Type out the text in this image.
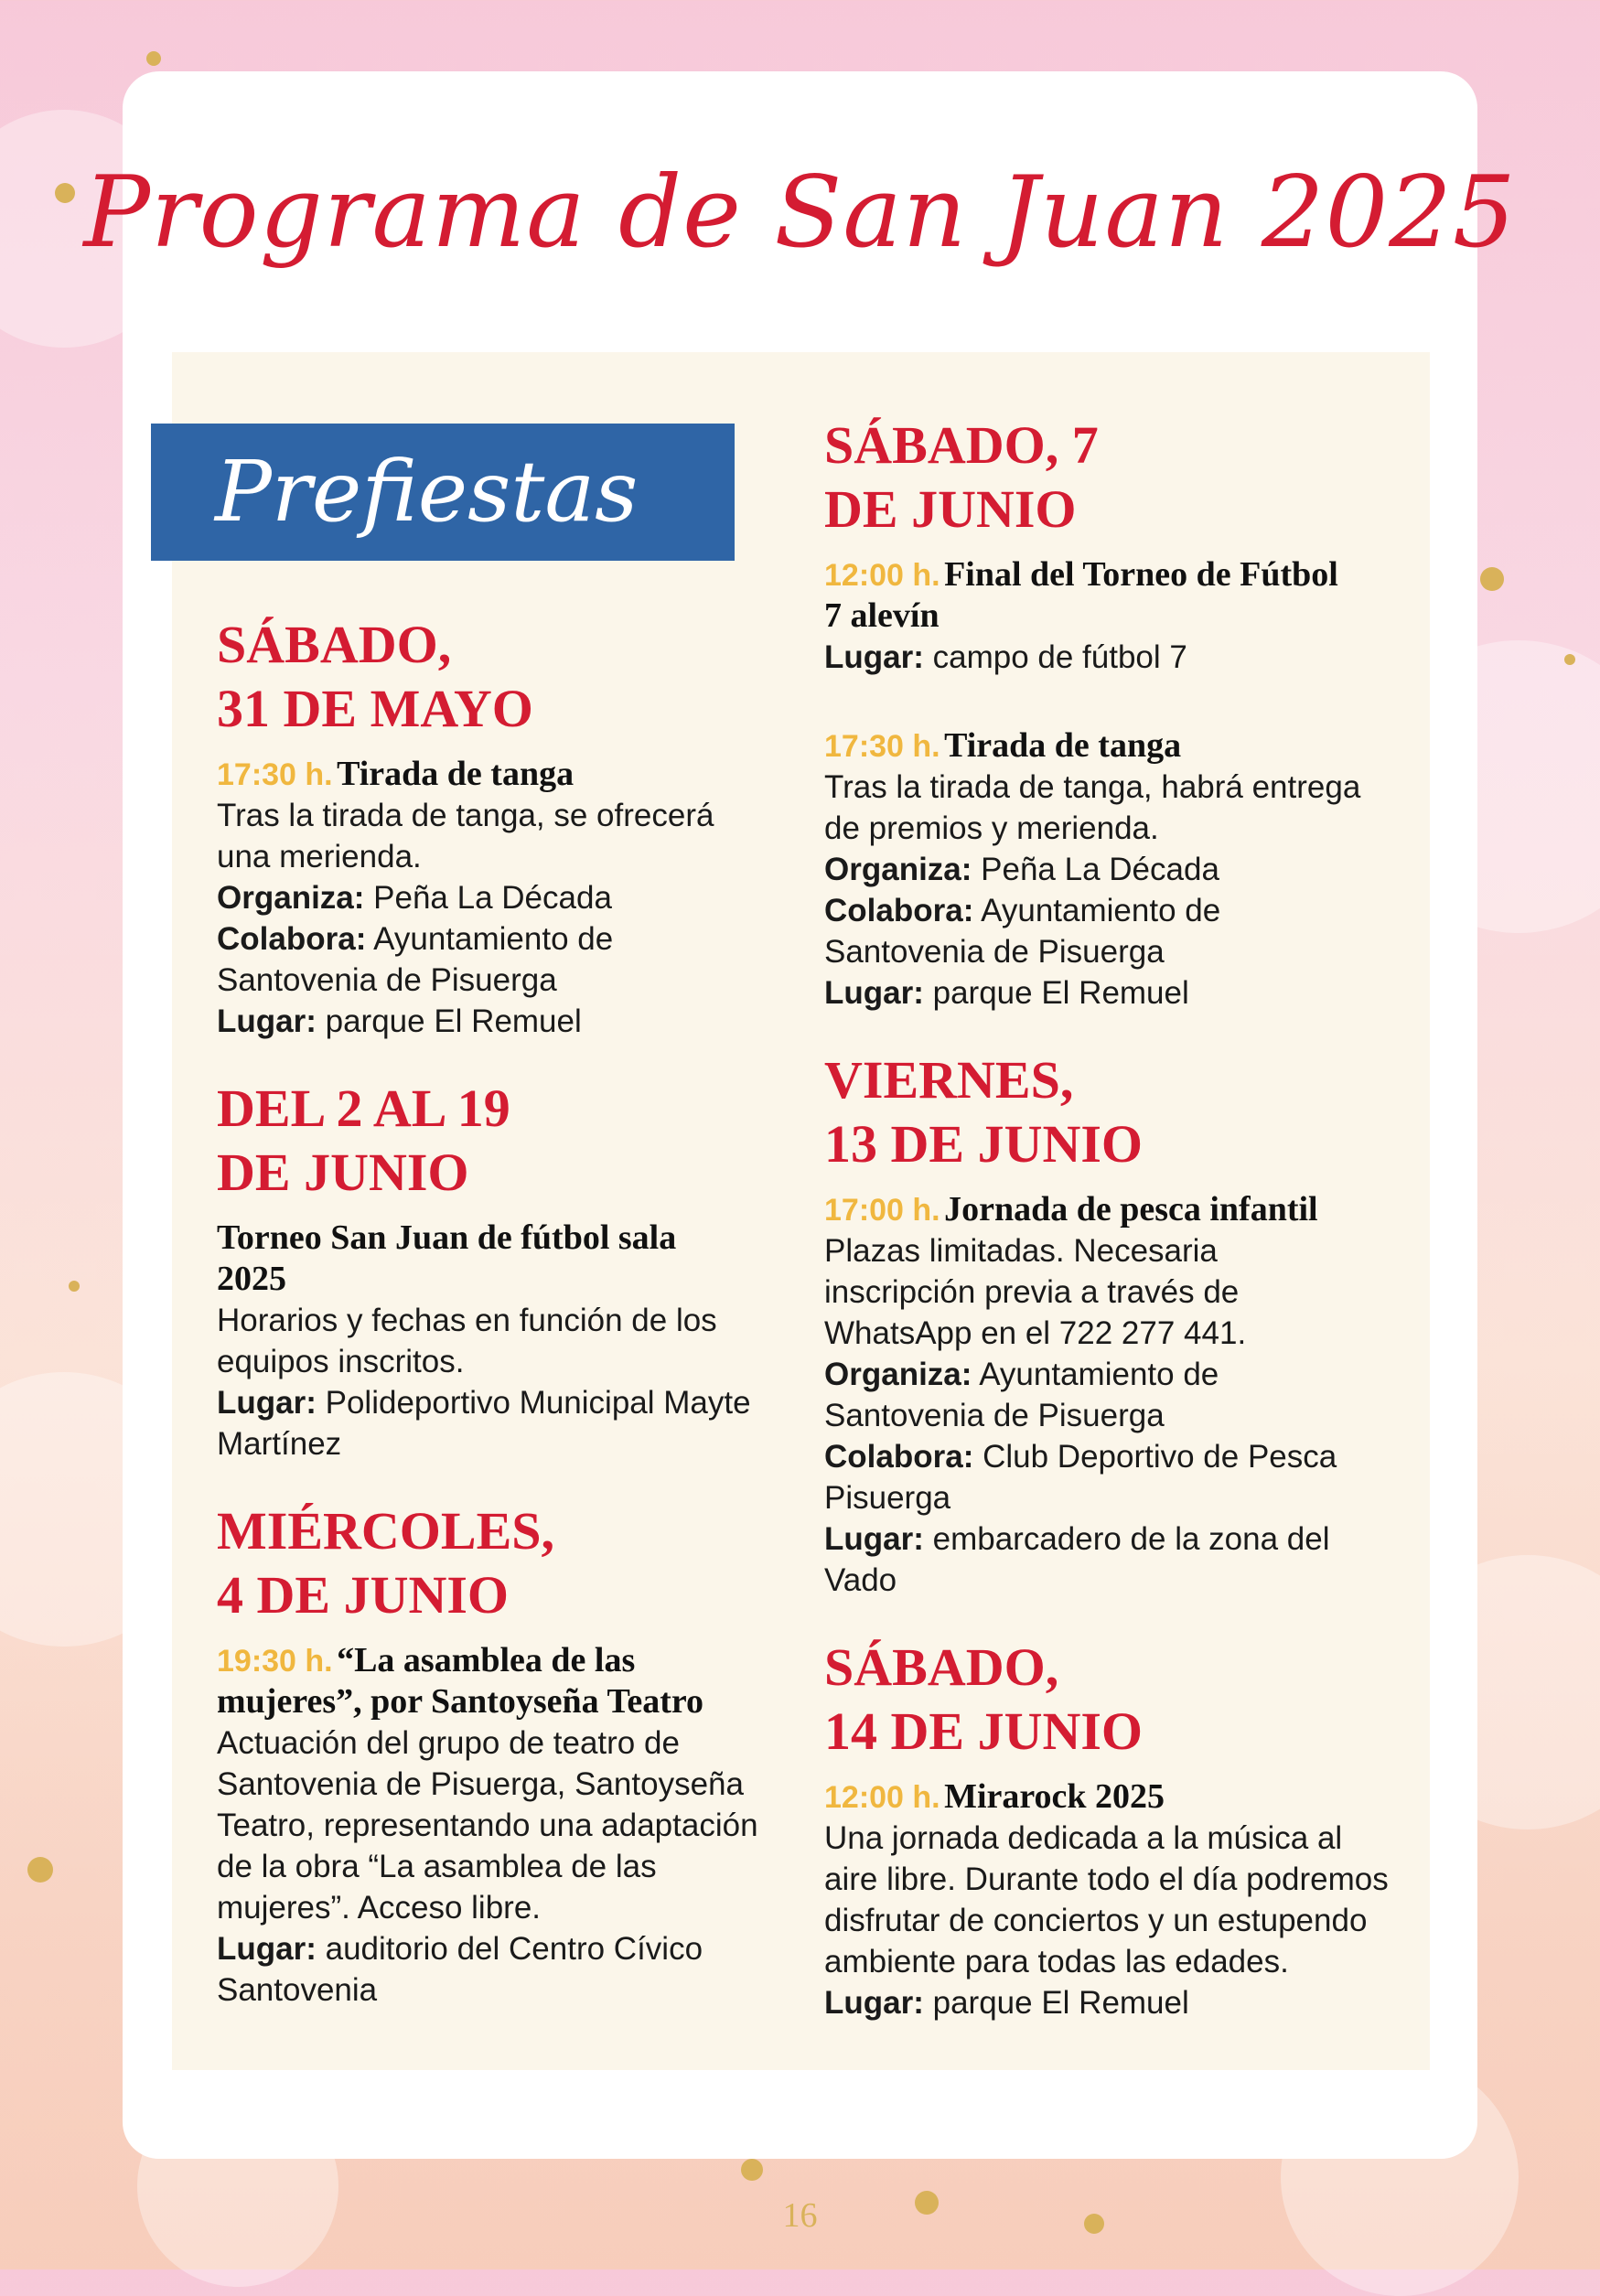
Programa de San Juan 2025
Prefiestas
SÁBADO,
31 DE MAYO
17:30 h. Tirada de tanga
Tras la tirada de tanga, se ofrecerá
una merienda.
Organiza: Peña La Década
Colabora: Ayuntamiento de
Santovenia de Pisuerga
Lugar: parque El Remuel
DEL 2 AL 19
DE JUNIO
Torneo San Juan de fútbol sala
2025
Horarios y fechas en función de los
equipos inscritos.
Lugar: Polideportivo Municipal Mayte
Martínez
MIÉRCOLES,
4 DE JUNIO
19:30 h. “La asamblea de las
mujeres”, por Santoyseña Teatro
Actuación del grupo de teatro de
Santovenia de Pisuerga, Santoyseña
Teatro, representando una adaptación
de la obra “La asamblea de las
mujeres”. Acceso libre.
Lugar: auditorio del Centro Cívico
Santovenia
SÁBADO, 7
DE JUNIO
12:00 h. Final del Torneo de Fútbol
7 alevín
Lugar: campo de fútbol 7
17:30 h. Tirada de tanga
Tras la tirada de tanga, habrá entrega
de premios y merienda.
Organiza: Peña La Década
Colabora: Ayuntamiento de
Santovenia de Pisuerga
Lugar: parque El Remuel
VIERNES,
13 DE JUNIO
17:00 h. Jornada de pesca infantil
Plazas limitadas. Necesaria
inscripción previa a través de
WhatsApp en el 722 277 441.
Organiza: Ayuntamiento de
Santovenia de Pisuerga
Colabora: Club Deportivo de Pesca
Pisuerga
Lugar: embarcadero de la zona del
Vado
SÁBADO,
14 DE JUNIO
12:00 h. Mirarock 2025
Una jornada dedicada a la música al
aire libre. Durante todo el día podremos
disfrutar de conciertos y un estupendo
ambiente para todas las edades.
Lugar: parque El Remuel
16
